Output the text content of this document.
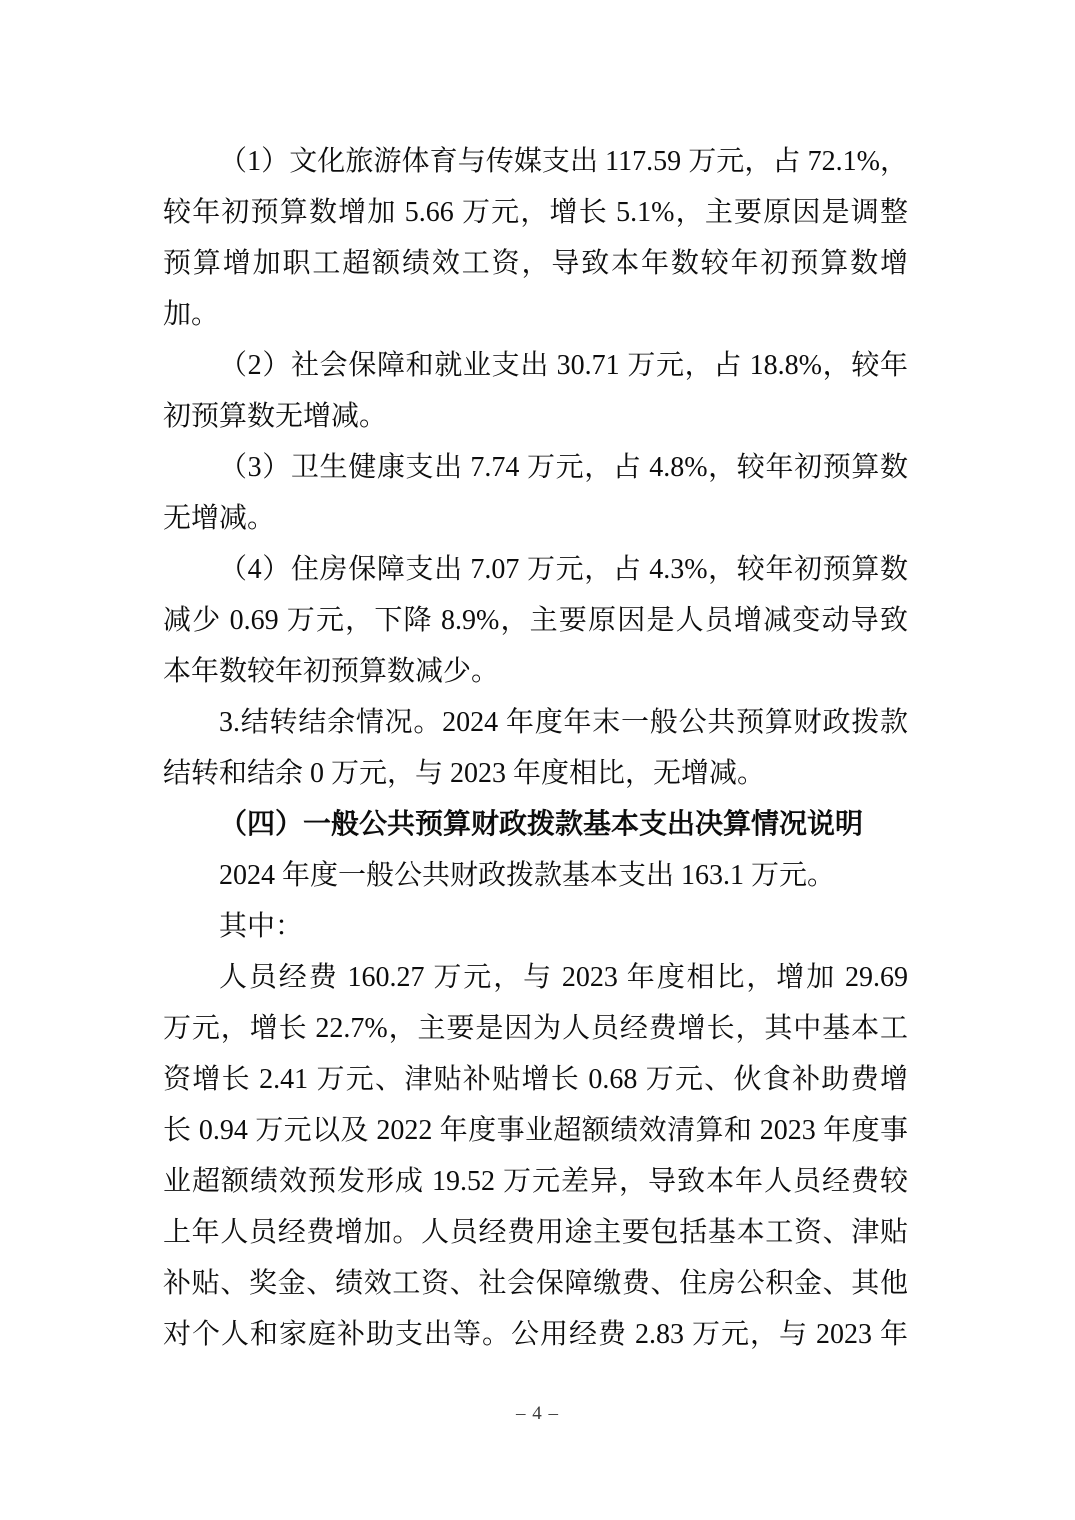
（1）文化旅游体育与传媒支出 117.59 万元，占 72.1%，
较年初预算数增加 5.66 万元，增长 5.1%，主要原因是调整
预算增加职工超额绩效工资，导致本年数较年初预算数增
加。

（2）社会保障和就业支出 30.71 万元，占 18.8%，较年
初预算数无增减。

（3）卫生健康支出 7.74 万元，占 4.8%，较年初预算数
无增减。

（4）住房保障支出 7.07 万元，占 4.3%，较年初预算数
减少 0.69 万元，下降 8.9%，主要原因是人员增减变动导致
本年数较年初预算数减少。

3.结转结余情况。2024 年度年末一般公共预算财政拨款
结转和结余 0 万元，与 2023 年度相比，无增减。

（四）一般公共预算财政拨款基本支出决算情况说明

2024 年度一般公共财政拨款基本支出 163.1 万元。

其中：

人员经费 160.27 万元，与 2023 年度相比，增加 29.69
万元，增长 22.7%，主要是因为人员经费增长，其中基本工
资增长 2.41 万元、津贴补贴增长 0.68 万元、伙食补助费增
长 0.94 万元以及 2022 年度事业超额绩效清算和 2023 年度事
业超额绩效预发形成 19.52 万元差异，导致本年人员经费较
上年人员经费增加。人员经费用途主要包括基本工资、津贴
补贴、奖金、绩效工资、社会保障缴费、住房公积金、其他
对个人和家庭补助支出等。公用经费 2.83 万元，与 2023 年

– 4 –
